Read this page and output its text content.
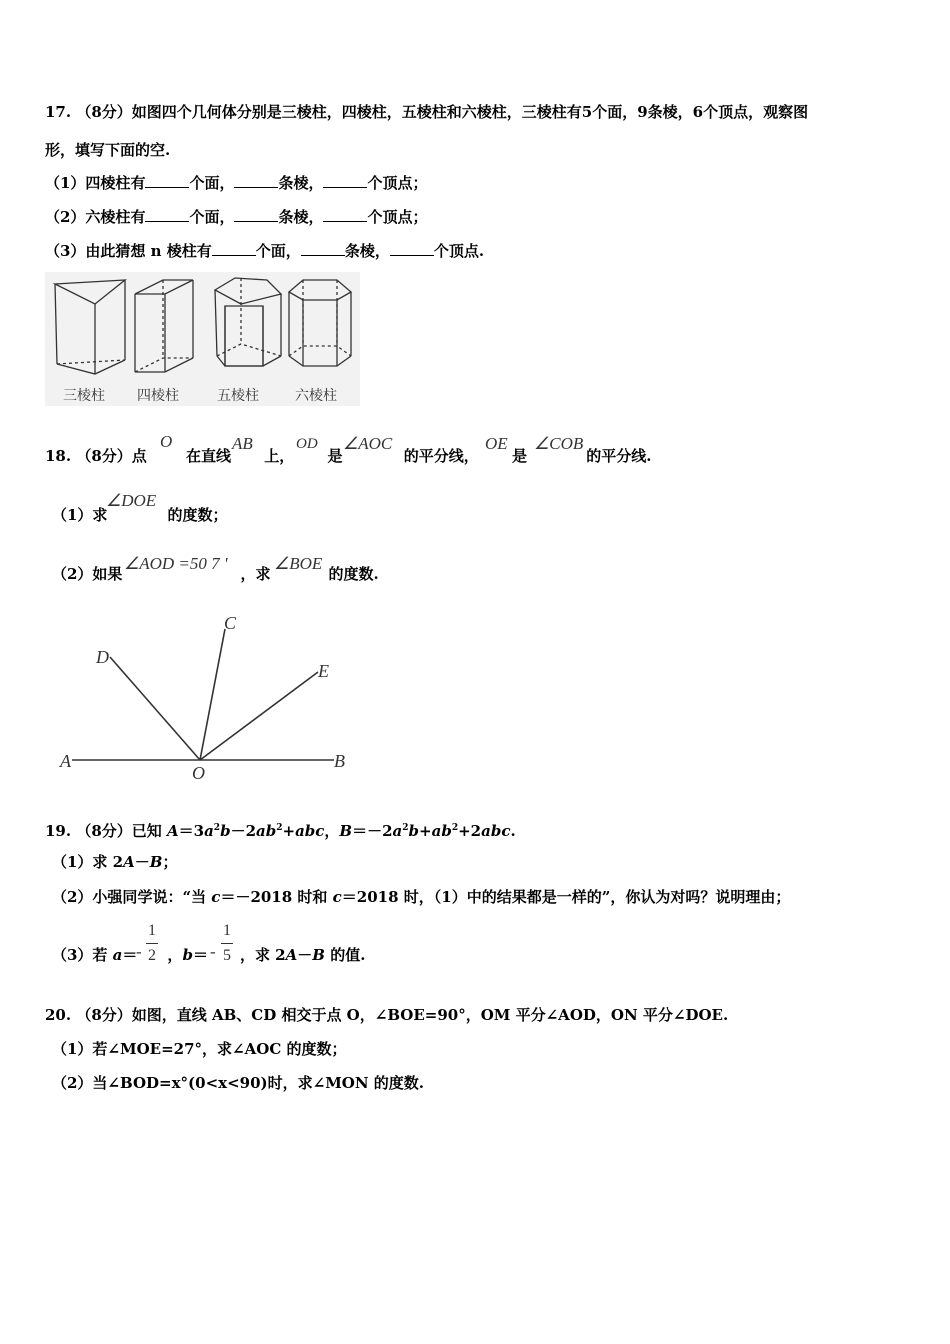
17. （8分）如图四个几何体分别是三棱柱，四棱柱，五棱柱和六棱柱，三棱柱有5个面，9条棱，6个顶点，观察图
形，填写下面的空.
（1）四棱柱有	个面，	条棱，	个顶点；
（2）六棱柱有	个面，	条棱，	个顶点；
（3）由此猜想 n 棱柱有	个面，	条棱，	个顶点.
三棱柱 四棱柱	五棱柱	六棱柱
18. （8分）点	在直线 上， 是	的平分线， 是	的平分线.
O	AB	OD ∠AOC	OE ∠COB
（1）求	的度数；
∠DOE
（2）如果	，求	的度数.
∠AOD =50 7 '	∠BOE
A	B
C
D
E
O
19. （8分）已知 $A=3a^2b-2ab^2+abc$，$B=-2a^2b+ab^2+2abc$.
（1）求 2A－B；
（2）小强同学说：“当 c＝－2018 时和 c＝2018 时，（1）中的结果都是一样的”，你认为对吗？说明理由；
（3）若 a＝ ，b＝ ，求 2A－B 的值.
-
1
2	-
1
5
20. （8分）如图，直线 AB、CD 相交于点 O，∠BOE=90°，OM 平分∠AOD，ON 平分∠DOE.
（1）若∠MOE=27°，求∠AOC 的度数；
（2）当∠BOD=x°(0<x<90)时，求∠MON 的度数.
